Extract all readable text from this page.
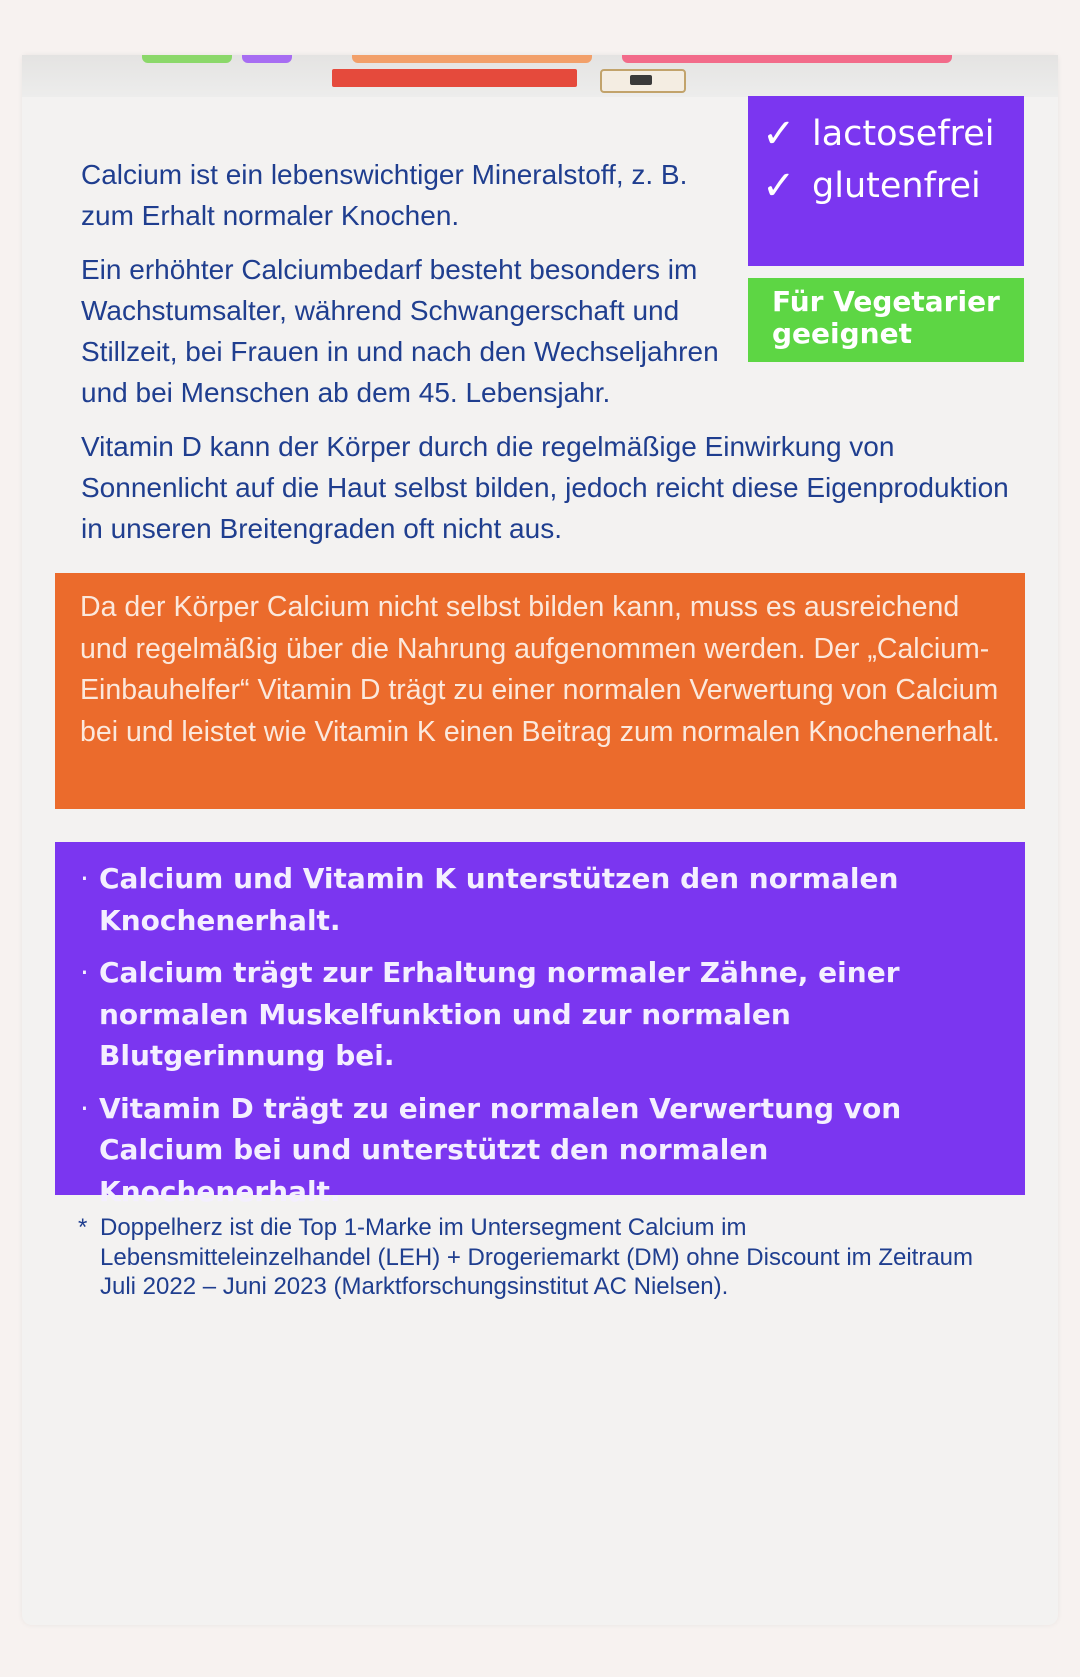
Calcium ist ein lebenswichtiger Mineralstoff, z. B. zum Erhalt normaler Knochen.

Ein erhöhter Calciumbedarf besteht besonders im Wachstumsalter, während Schwangerschaft und Stillzeit, bei Frauen in und nach den Wechseljahren und bei Menschen ab dem 45. Lebensjahr.

Vitamin D kann der Körper durch die regelmäßige Einwirkung von Sonnenlicht auf die Haut selbst bilden, jedoch reicht diese Eigenproduktion in unseren Breitengraden oft nicht aus.

✓ lactosefrei
✓ glutenfrei
Für Vegetarier geeignet

Da der Körper Calcium nicht selbst bilden kann, muss es ausreichend und regelmäßig über die Nahrung aufgenommen werden. Der „Calcium-Einbauhelfer“ Vitamin D trägt zu einer normalen Verwertung von Calcium bei und leistet wie Vitamin K einen Beitrag zum normalen Knochenerhalt.

· Calcium und Vitamin K unterstützen den normalen Knochenerhalt.
· Calcium trägt zur Erhaltung normaler Zähne, einer normalen Muskelfunktion und zur normalen Blutgerinnung bei.
· Vitamin D trägt zu einer normalen Verwertung von Calcium bei und unterstützt den normalen Knochenerhalt.
* Doppelherz ist die Top 1-Marke im Untersegment Calcium im Lebensmitteleinzelhandel (LEH) + Drogeriemarkt (DM) ohne Discount im Zeitraum Juli 2022 – Juni 2023 (Marktforschungsinstitut AC Nielsen).
